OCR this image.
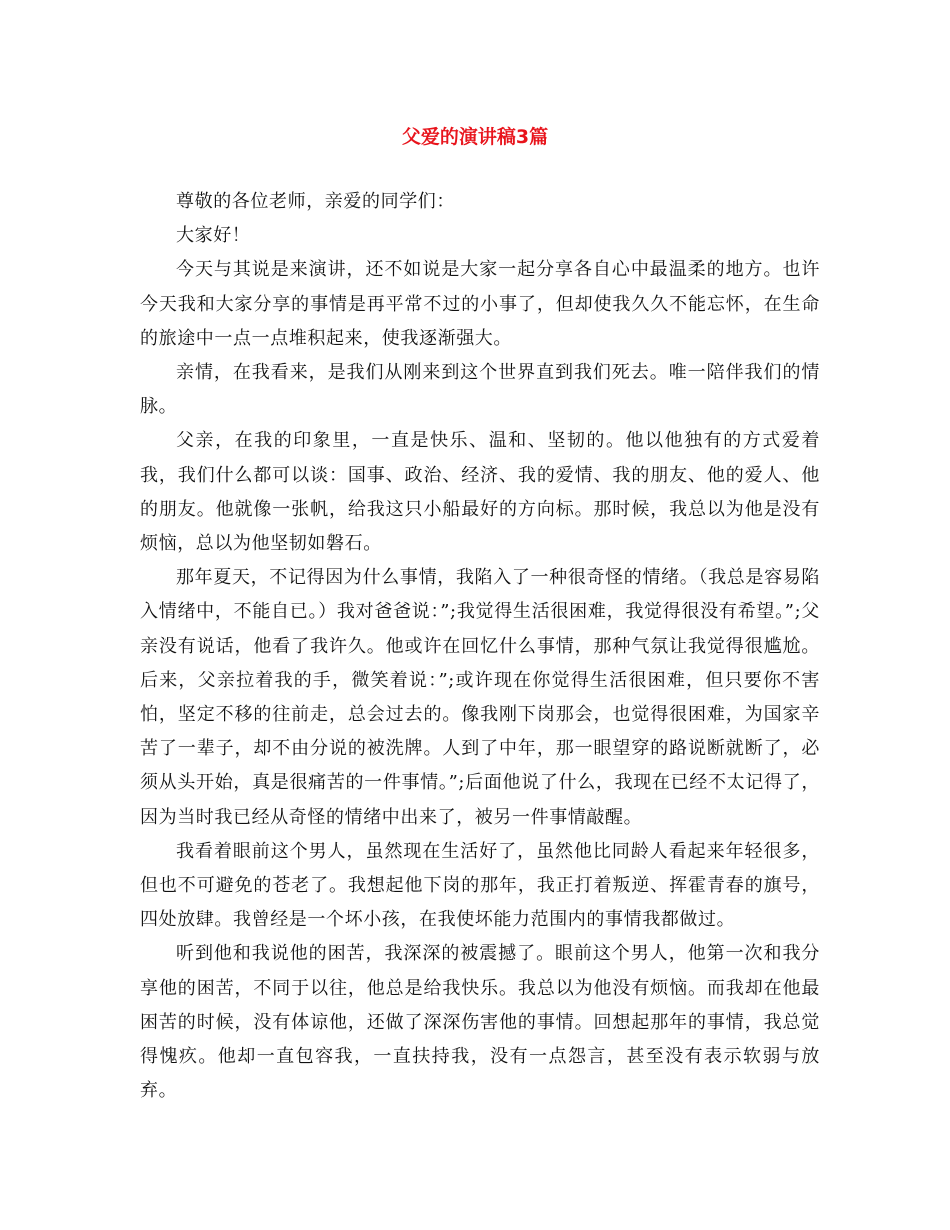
父爱的演讲稿3篇

尊敬的各位老师，亲爱的同学们：

大家好！

今天与其说是来演讲，还不如说是大家一起分享各自心中最温柔的地方。也许今天我和大家分享的事情是再平常不过的小事了，但却使我久久不能忘怀，在生命的旅途中一点一点堆积起来，使我逐渐强大。

亲情，在我看来，是我们从刚来到这个世界直到我们死去。唯一陪伴我们的情脉。

父亲，在我的印象里，一直是快乐、温和、坚韧的。他以他独有的方式爱着我，我们什么都可以谈：国事、政治、经济、我的爱情、我的朋友、他的爱人、他的朋友。他就像一张帆，给我这只小船最好的方向标。那时候，我总以为他是没有烦恼，总以为他坚韧如磐石。

那年夏天，不记得因为什么事情，我陷入了一种很奇怪的情绪。（我总是容易陷入情绪中，不能自已。）我对爸爸说：”;我觉得生活很困难，我觉得很没有希望。”;父亲没有说话，他看了我许久。他或许在回忆什么事情，那种气氛让我觉得很尴尬。后来，父亲拉着我的手，微笑着说：”;或许现在你觉得生活很困难，但只要你不害怕，坚定不移的往前走，总会过去的。像我刚下岗那会，也觉得很困难，为国家辛苦了一辈子，却不由分说的被洗牌。人到了中年，那一眼望穿的路说断就断了，必须从头开始，真是很痛苦的一件事情。”;后面他说了什么，我现在已经不太记得了，因为当时我已经从奇怪的情绪中出来了，被另一件事情敲醒。

我看着眼前这个男人，虽然现在生活好了，虽然他比同龄人看起来年轻很多，但也不可避免的苍老了。我想起他下岗的那年，我正打着叛逆、挥霍青春的旗号，四处放肆。我曾经是一个坏小孩，在我使坏能力范围内的事情我都做过。

听到他和我说他的困苦，我深深的被震撼了。眼前这个男人，他第一次和我分享他的困苦，不同于以往，他总是给我快乐。我总以为他没有烦恼。而我却在他最困苦的时候，没有体谅他，还做了深深伤害他的事情。回想起那年的事情，我总觉得愧疚。他却一直包容我，一直扶持我，没有一点怨言，甚至没有表示软弱与放弃。
